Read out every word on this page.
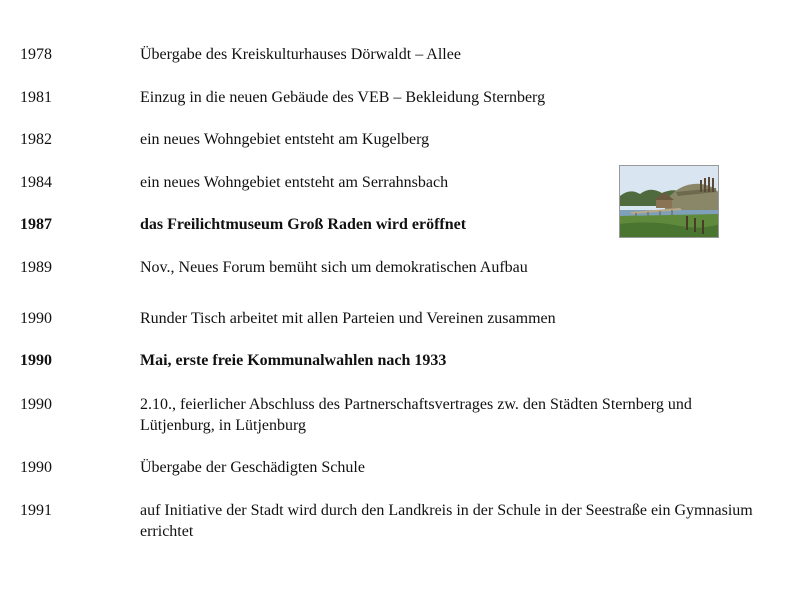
1978	Übergabe des Kreiskulturhauses Dörwaldt – Allee
1981	Einzug in die neuen Gebäude des VEB – Bekleidung Sternberg
1982	ein neues Wohngebiet entsteht am Kugelberg
1984	ein neues Wohngebiet entsteht am Serrahnsbach
1987	das Freilichtmuseum Groß Raden wird eröffnet
1989	Nov., Neues Forum bemüht sich um demokratischen Aufbau
1990	Runder Tisch arbeitet mit allen Parteien und Vereinen zusammen
1990	Mai, erste freie Kommunalwahlen nach 1933
1990	2.10., feierlicher Abschluss des Partnerschaftsvertrages zw. den Städten Sternberg und Lütjenburg, in Lütjenburg
1990	Übergabe der Geschädigten Schule
1991	auf Initiative der Stadt wird durch den Landkreis in der Schule in der Seestraße ein Gymnasium errichtet
